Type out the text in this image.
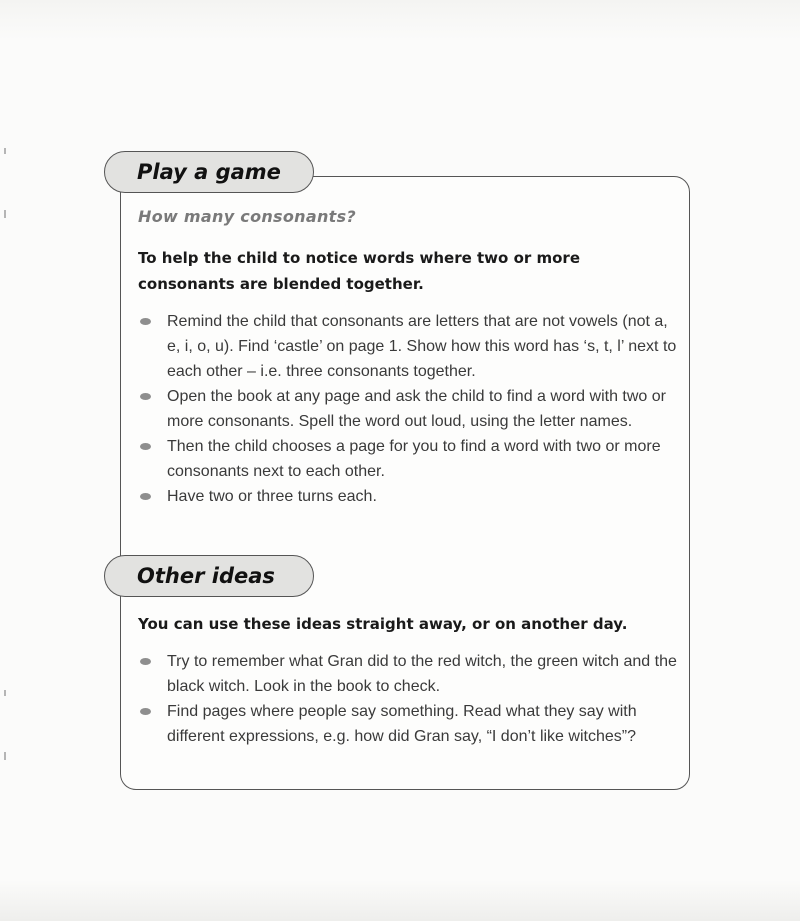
Play a game
How many consonants?
To help the child to notice words where two or more consonants are blended together.
Remind the child that consonants are letters that are not vowels (not a, e, i, o, u). Find ‘castle’ on page 1. Show how this word has ‘s, t, l’ next to each other – i.e. three consonants together.
Open the book at any page and ask the child to find a word with two or more consonants. Spell the word out loud, using the letter names.
Then the child chooses a page for you to find a word with two or more consonants next to each other.
Have two or three turns each.
Other ideas
You can use these ideas straight away, or on another day.
Try to remember what Gran did to the red witch, the green witch and the black witch. Look in the book to check.
Find pages where people say something. Read what they say with different expressions, e.g. how did Gran say, “I don’t like witches”?
